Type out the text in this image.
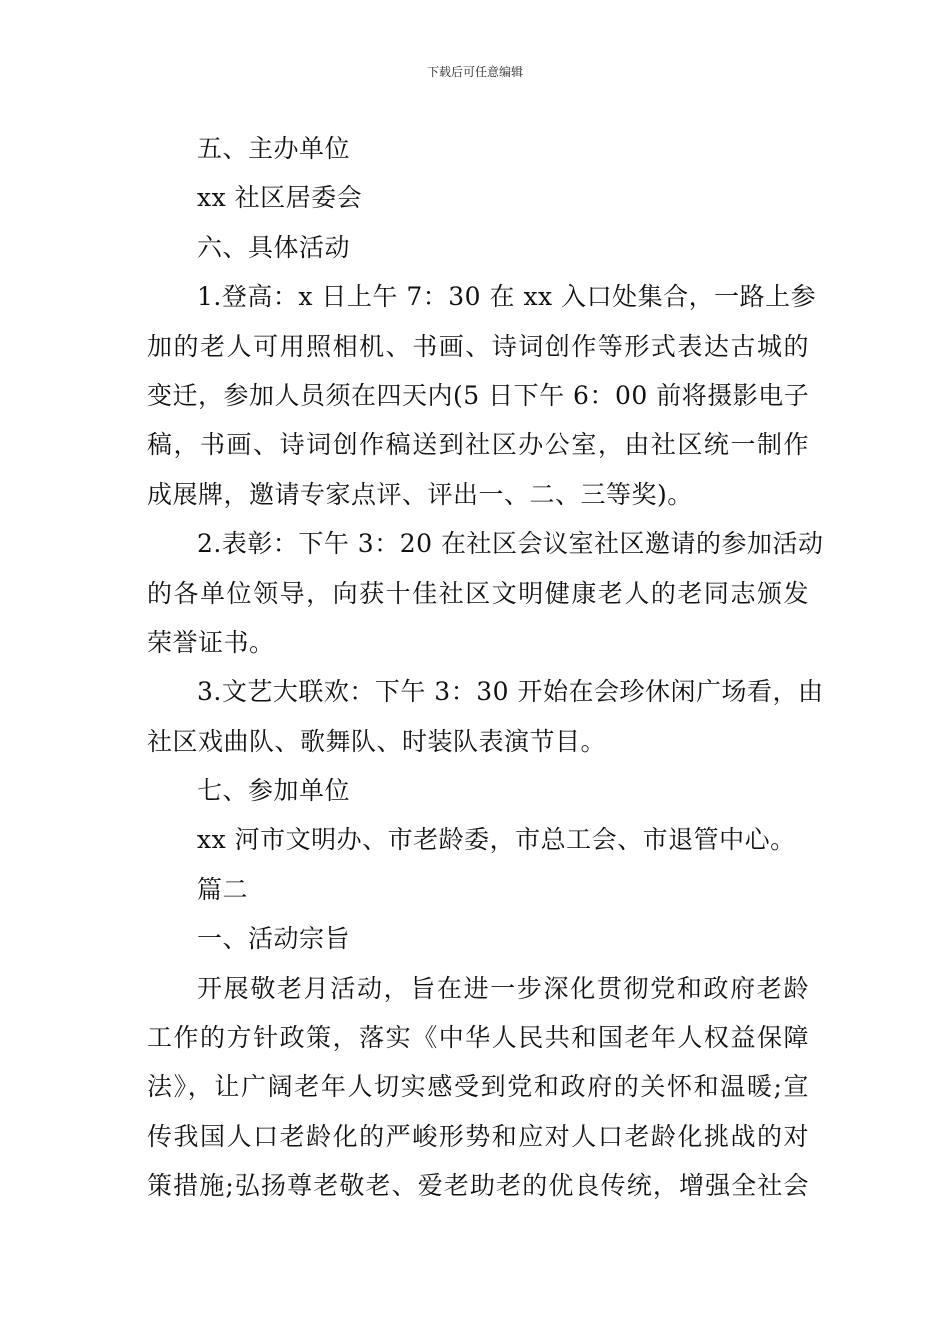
下载后可任意编辑
五、主办单位
xx 社区居委会
六、具体活动
1.登高：x 日上午 7：30 在 xx 入口处集合，一路上参
加的老人可用照相机、书画、诗词创作等形式表达古城的
变迁，参加人员须在四天内(5 日下午 6：00 前将摄影电子
稿，书画、诗词创作稿送到社区办公室，由社区统一制作
成展牌，邀请专家点评、评出一、二、三等奖)。
2.表彰：下午 3：20 在社区会议室社区邀请的参加活动
的各单位领导，向获十佳社区文明健康老人的老同志颁发
荣誉证书。
3.文艺大联欢：下午 3：30 开始在会珍休闲广场看，由
社区戏曲队、歌舞队、时装队表演节目。
七、参加单位
xx 河市文明办、市老龄委，市总工会、市退管中心。
篇二
一、活动宗旨
开展敬老月活动，旨在进一步深化贯彻党和政府老龄
工作的方针政策，落实《中华人民共和国老年人权益保障
法》，让广阔老年人切实感受到党和政府的关怀和温暖;宣
传我国人口老龄化的严峻形势和应对人口老龄化挑战的对
策措施;弘扬尊老敬老、爱老助老的优良传统，增强全社会
